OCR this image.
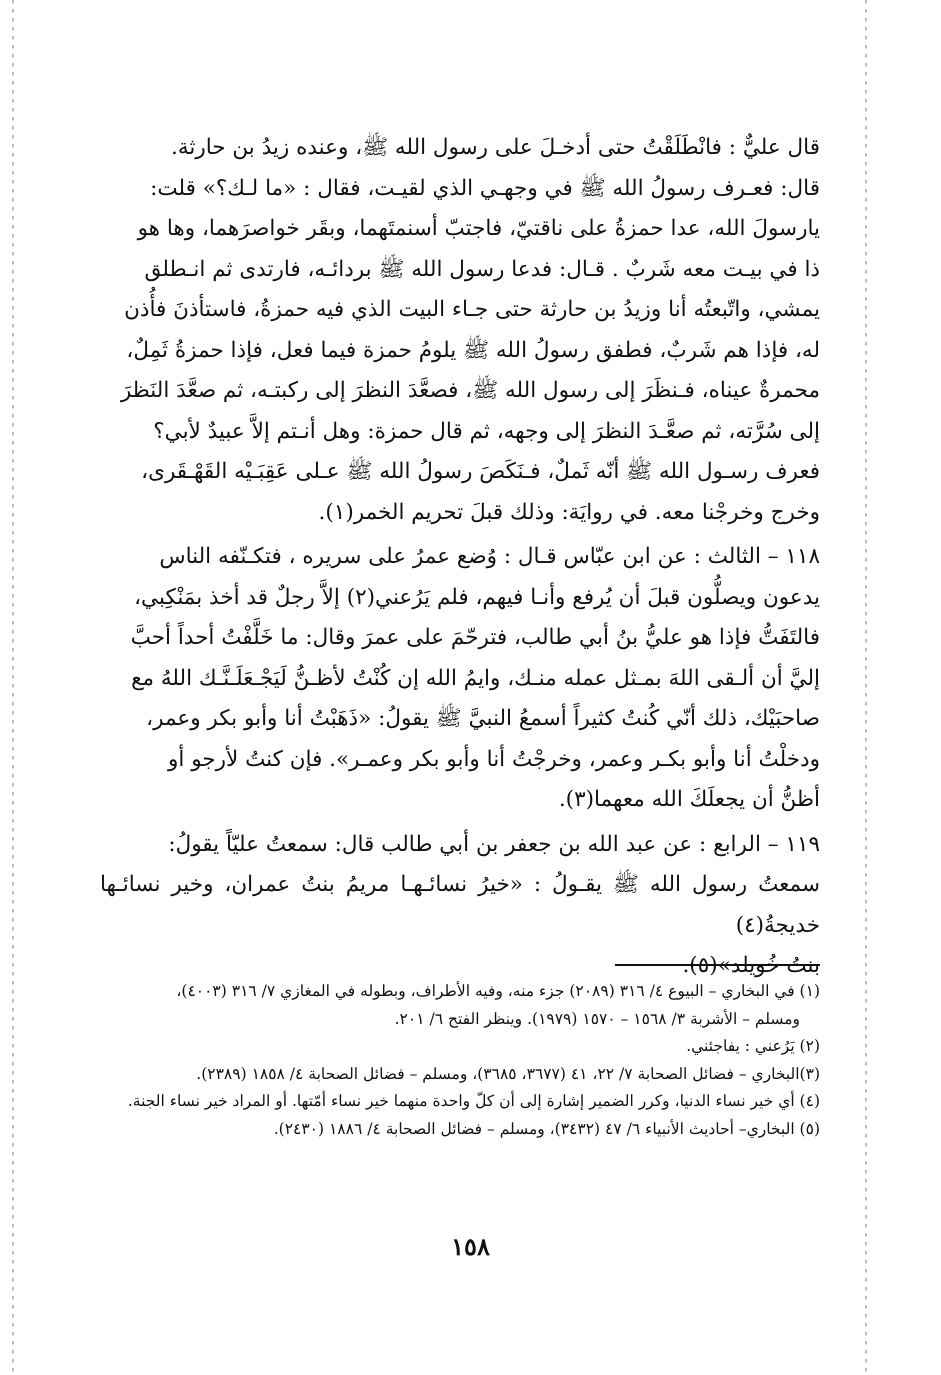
قال عليٌّ : فانْطَلَقْتُ حتى أدخـلَ على رسول الله ﷺ، وعنده زيدُ بن حارثة.

قال: فعـرف رسولُ الله ﷺ في وجهـي الذي لقيـت، فقال : «ما لـك؟» قلت:

يارسولَ الله، عدا حمزةُ على ناقتيّ، فاجتبّ أسنمتَهما، وبقَر خواصرَهما، وها هو

ذا في بيـت معه شَربٌ . قـال: فدعا رسول الله ﷺ بردائـه، فارتدى ثم انـطلق

يمشي، واتّبعتُه أنا وزيدُ بن حارثة حتى جـاء البيت الذي فيه حمزةُ، فاستأذنَ فأُذن

له، فإذا هم شَربٌ، فطفق رسولُ الله ﷺ يلومُ حمزة فيما فعل، فإذا حمزةُ ثَمِلٌ،

محمرةٌ عيناه، فـنظَرَ إلى رسول الله ﷺ، فصعَّدَ النظرَ إلى ركبتـه، ثم صعَّدَ النَظرَ

إلى سُرَّته، ثم صعَّـدَ النظرَ إلى وجهه، ثم قال حمزة: وهل أنـتم إلاَّ عبيدٌ لأبي؟

فعرف رسـول الله ﷺ أنّه ثَملٌ، فـنَكَصَ رسولُ الله ﷺ عـلى عَقِبَـيْه القَهْـقَرى،

وخرج وخرجْنا معه. في روايَة: وذلك قبلَ تحريم الخمر(١).

١١٨ – الثالث : عن ابن عبّاس قـال : وُضع عمرُ على سريره ، فتكـنّفه الناس

يدعون ويصلُّون قبلَ أن يُرفع وأنـا فيهم، فلم يَرُعني(٢) إلاَّ رجلٌ قد أخذ بمَنْكِبي،

فالتَفَتُّ فإذا هو عليُّ بنُ أبي طالب، فترحّمَ على عمرَ وقال: ما خَلَّفْتُ أحداً أحبَّ

إليَّ أن ألـقى اللهَ بمـثل عمله منـك، وايمُ الله إن كُنْتُ لأظـنُّ لَيَجْـعَلَـنَّـك اللهُ مع

صاحبَيْك، ذلك أنّي كُنتُ كثيراً أسمعُ النبيَّ ﷺ يقولُ: «ذَهَبْتُ أنا وأبو بكر وعمر،

ودخلْتُ أنا وأبو بكـر وعمر، وخرجْتُ أنا وأبو بكر وعمـر». فإن كنتُ لأرجو أو

أظنُّ أن يجعلَكَ الله معهما(٣).

١١٩ – الرابع : عن عبد الله بن جعفر بن أبي طالب قال: سمعتُ عليّاً يقولُ:

سمعتُ رسول الله ﷺ يقـولُ : «خيرُ نسائـهـا مريمُ بنتُ عمران، وخير نسائـها خديجةُ(٤)

بنتُ خُويلد»(٥).

(١) في البخاري – البيوع ٤/ ٣١٦ (٢٠٨٩) جزء منه، وفيه الأطراف، وبطوله في المغازي ٧/ ٣١٦ (٤٠٠٣)،

ومسلم – الأشربة ٣/ ١٥٦٨ – ١٥٧٠ (١٩٧٩). وينظر الفتح ٦/ ٢٠١.

(٢) يَرُعني : يفاجئني.

(٣)البخاري – فضائل الصحابة ٧/ ٢٢، ٤١ (٣٦٧٧، ٣٦٨٥)، ومسلم – فضائل الصحابة ٤/ ١٨٥٨ (٢٣٨٩).

(٤) أي خير نساء الدنيا، وكرر الضمير إشارة إلى أن كلّ واحدة منهما خير نساء أمّتها. أو المراد خير نساء الجنة.

(٥) البخاري– أحاديث الأنبياء ٦/ ٤٧ (٣٤٣٢)، ومسلم – فضائل الصحابة ٤/ ١٨٨٦ (٢٤٣٠).

١٥٨
